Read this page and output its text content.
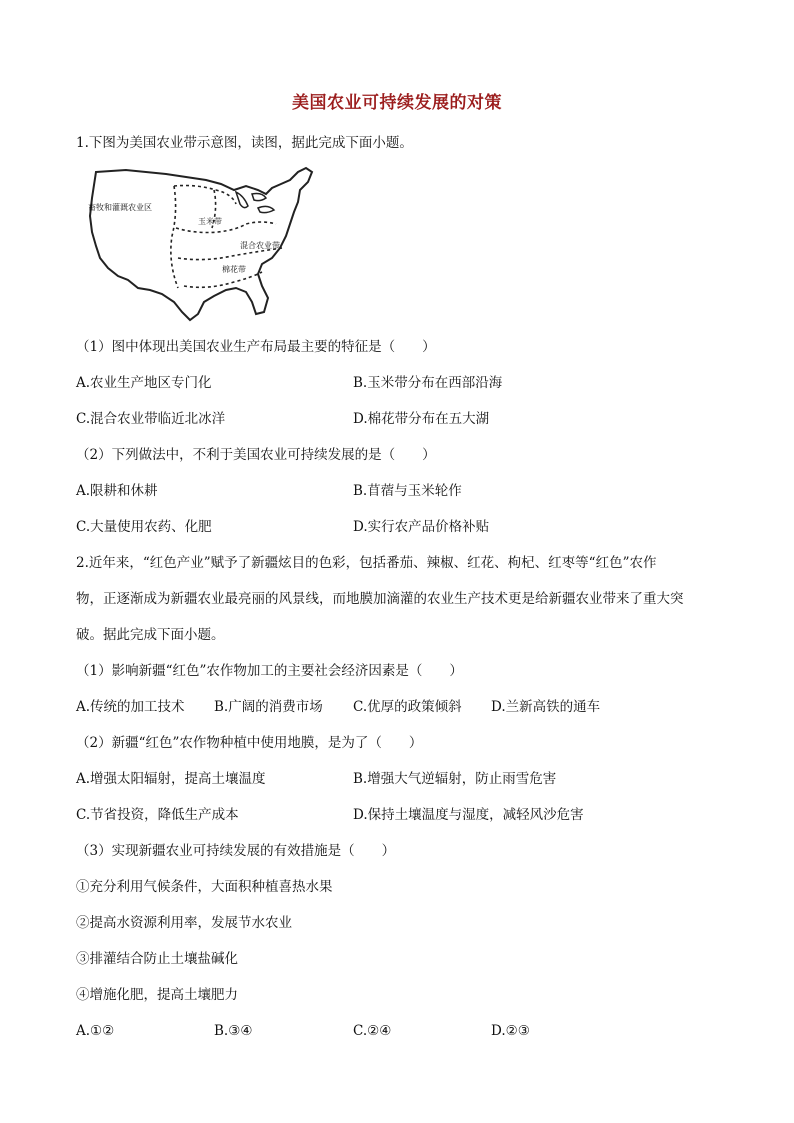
美国农业可持续发展的对策
1.下图为美国农业带示意图，读图，据此完成下面小题。
畜牧和灌溉农业区
玉米带
混合农业带
棉花带
（1）图中体现出美国农业生产布局最主要的特征是（　　）
A.农业生产地区专门化	B.玉米带分布在西部沿海
C.混合农业带临近北冰洋	D.棉花带分布在五大湖
（2）下列做法中，不利于美国农业可持续发展的是（　　）
A.限耕和休耕	B.苜蓿与玉米轮作
C.大量使用农药、化肥	D.实行农产品价格补贴
2.近年来，“红色产业”赋予了新疆炫目的色彩，包括番茄、辣椒、红花、枸杞、红枣等“红色”农作
物，正逐渐成为新疆农业最亮丽的风景线，而地膜加滴灌的农业生产技术更是给新疆农业带来了重大突
破。据此完成下面小题。
（1）影响新疆“红色”农作物加工的主要社会经济因素是（　　）
A.传统的加工技术 B.广阔的消费市场 C.优厚的政策倾斜 D.兰新高铁的通车
（2）新疆“红色”农作物种植中使用地膜，是为了（　　）
A.增强太阳辐射，提高土壤温度	B.增强大气逆辐射，防止雨雪危害
C.节省投资，降低生产成本	D.保持土壤温度与湿度，减轻风沙危害
（3）实现新疆农业可持续发展的有效措施是（　　）
①充分利用气候条件，大面积种植喜热水果
②提高水资源利用率，发展节水农业
③排灌结合防止土壤盐碱化
④增施化肥，提高土壤肥力
A.①②	B.③④	C.②④	D.②③
